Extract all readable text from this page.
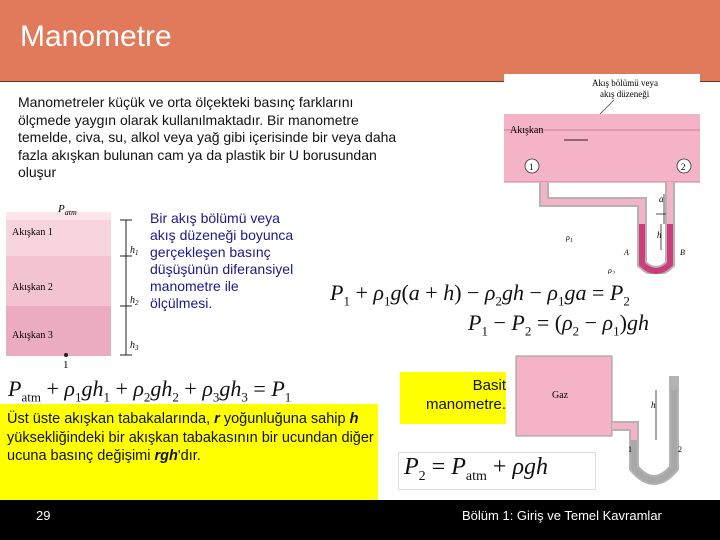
Manometre
Manometreler küçük ve orta ölçekteki basınç farklarını ölçmede yaygın olarak kullanılmaktadır. Bir manometre temelde, civa, su, alkol veya yağ gibi içerisinde bir veya daha fazla akışkan bulunan cam ya da plastik bir U borusundan oluşur
$P_{atm}$
Akışkan 1
Akışkan 2
Akışkan 3
$h_1$
$h_2$
$h_3$
1
Bir akış bölümü veya akış düzeneği boyunca gerçekleşen basınç düşüşünün diferansiyel manometre ile ölçülmesi.
$P_{atm} + \rho_1gh_1 + \rho_2gh_2 + \rho_3gh_3 = P_1$
Üst üste akışkan tabakalarında, r yoğunluğuna sahip h yüksekliğindeki bir akışkan tabakasının bir ucundan diğer ucuna basınç değişimi rgh'dır.
Akış bölümü veya
akış düzeneği
Akışkan
1	2
a
h
$\rho_1$
$\rho_2$
A	B
$P_1 + \rho_1g(a + h) - \rho_2gh - \rho_1ga = P_2$
$P_1 - P_2 = (\rho_2 - \rho_1)gh$
Basit manometre.
Gaz
h
1	2
$P_2 = P_{atm} + \rho gh$
29	Bölüm 1: Giriş ve Temel Kavramlar
